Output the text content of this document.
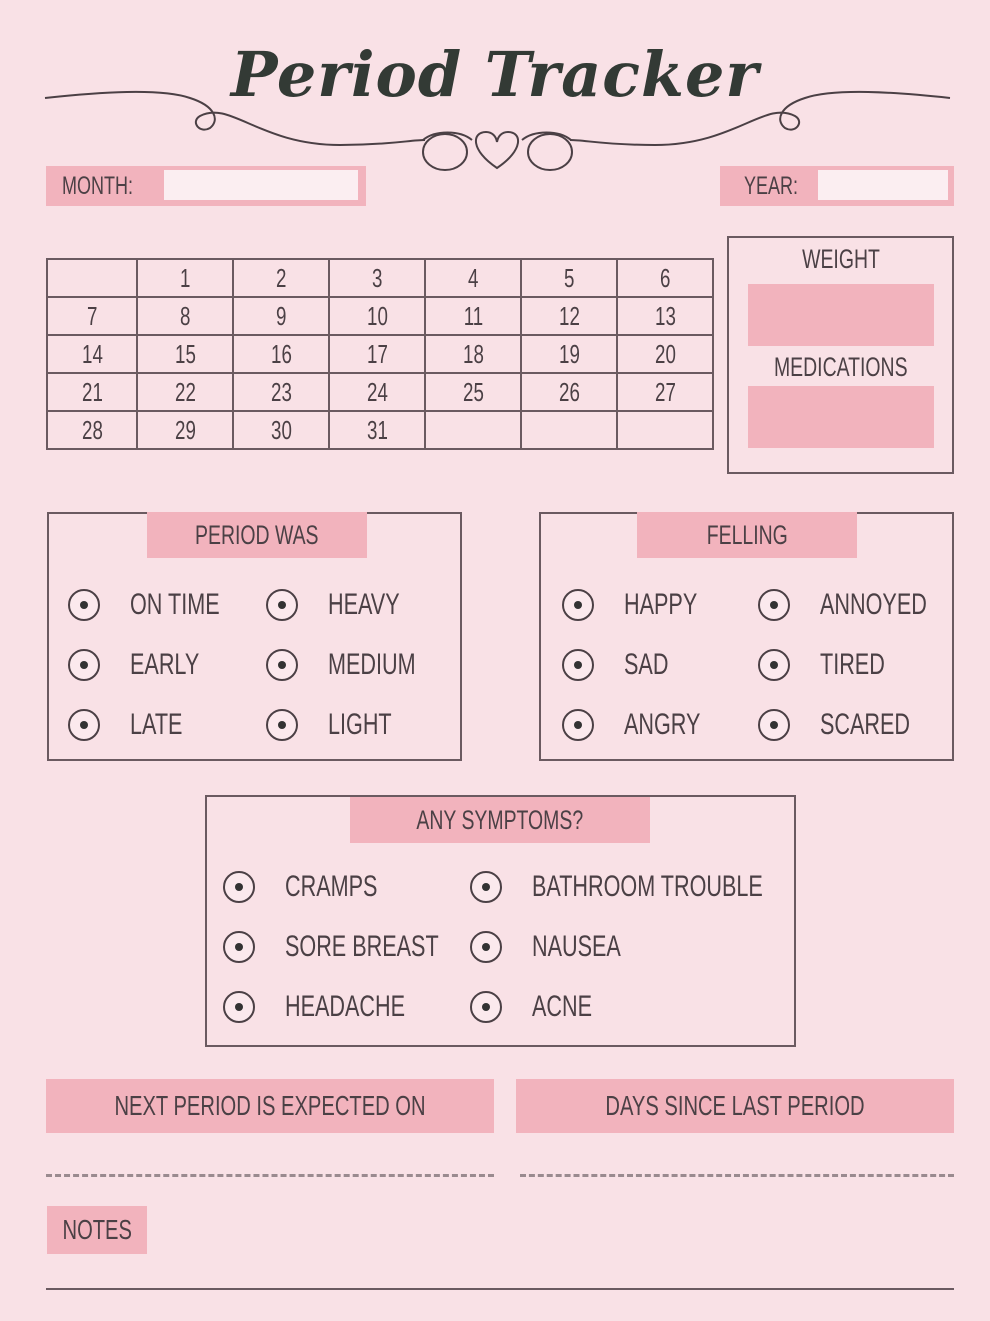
Period Tracker
MONTH:	YEAR:
	1	2	3	4	5	6
7	8	9	10	11	12	13
14	15	16	17	18	19	20
21	22	23	24	25	26	27
28	29	30	31			
WEIGHT
MEDICATIONS
PERIOD WAS
ON TIME	HEAVY
EARLY	MEDIUM
LATE	LIGHT
FELLING
HAPPY	ANNOYED
SAD	TIRED
ANGRY	SCARED
ANY SYMPTOMS?
CRAMPS	BATHROOM TROUBLE
SORE BREAST	NAUSEA
HEADACHE	ACNE
NEXT PERIOD IS EXPECTED ON	DAYS SINCE LAST PERIOD
NOTES
